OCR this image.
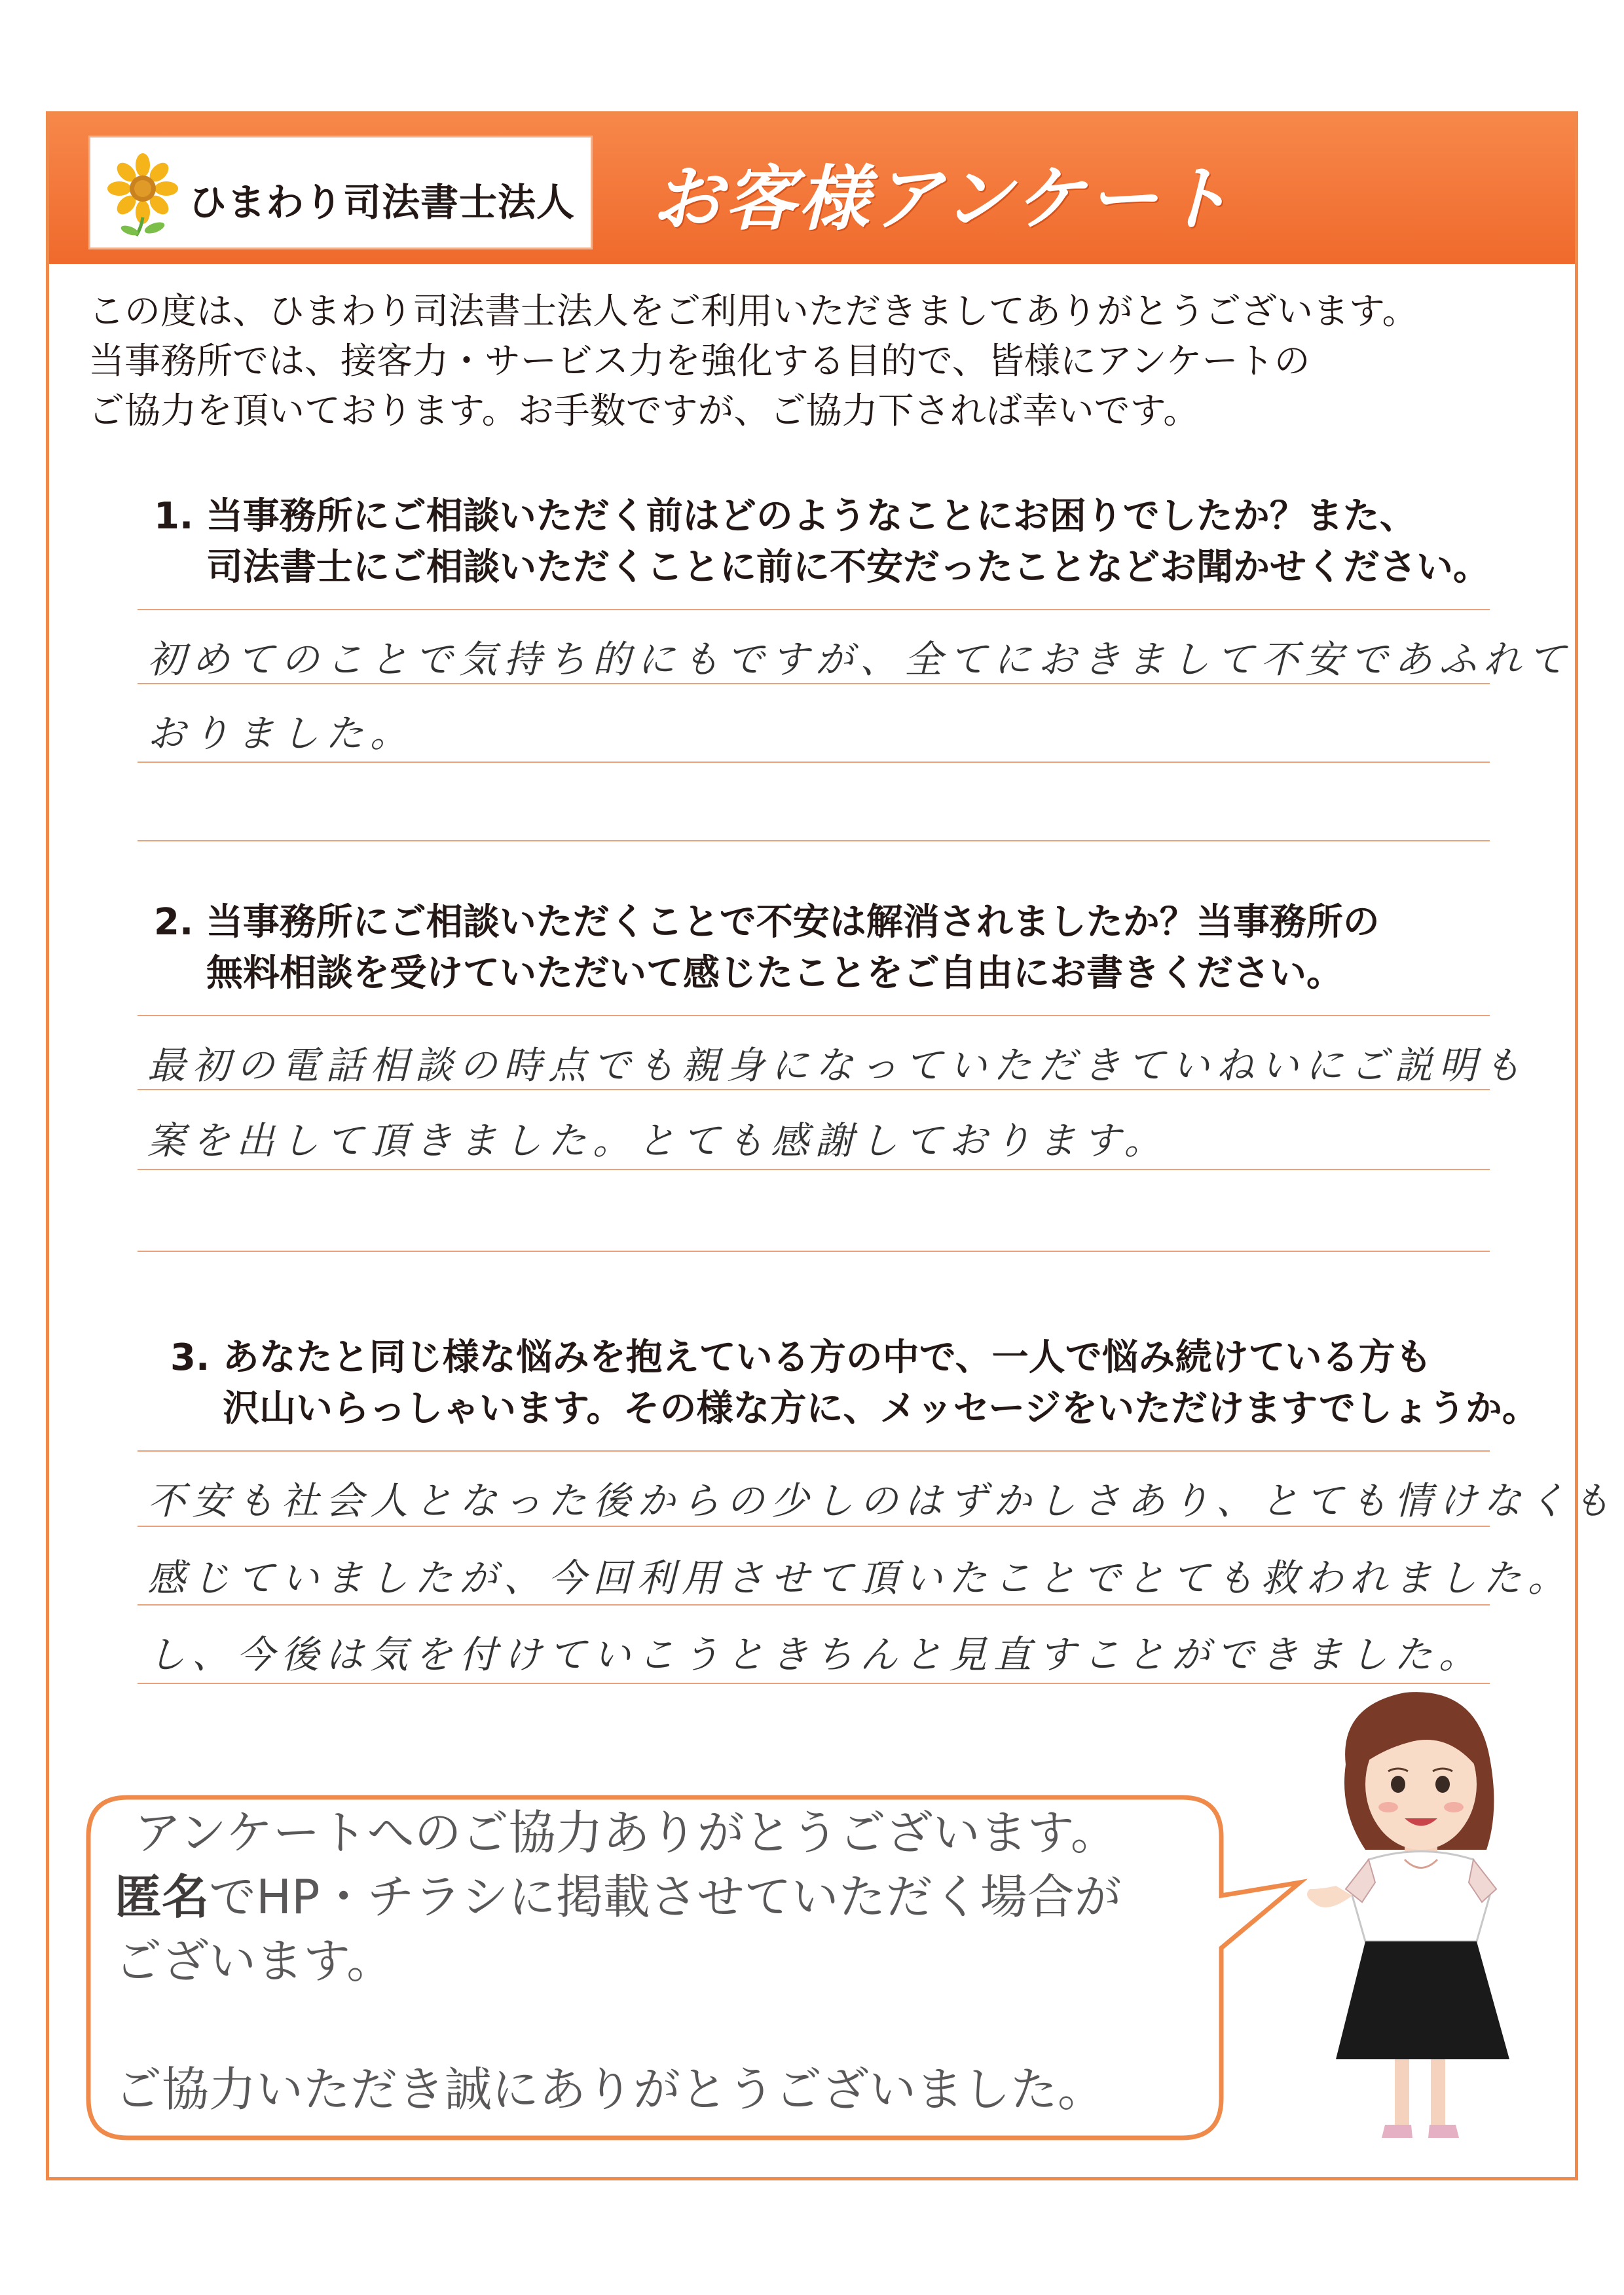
ひまわり司法書士法人 お客様アンケート
この度は、ひまわり司法書士法人をご利用いただきましてありがとうございます。
当事務所では、接客力・サービス力を強化する目的で、皆様にアンケートの
ご協力を頂いております。お手数ですが、ご協力下されば幸いです。
1. 当事務所にご相談いただく前はどのようなことにお困りでしたか？また、
司法書士にご相談いただくことに前に不安だったことなどお聞かせください。
初めてのことで気持ち的にもですが、全てにおきまして不安であふれて
おりました。
2. 当事務所にご相談いただくことで不安は解消されましたか？当事務所の
無料相談を受けていただいて感じたことをご自由にお書きください。
最初の電話相談の時点でも親身になっていただきていねいにご説明も
案を出して頂きました。とても感謝しております。
3. あなたと同じ様な悩みを抱えている方の中で、一人で悩み続けている方も
沢山いらっしゃいます。その様な方に、メッセージをいただけますでしょうか。
不安も社会人となった後からの少しのはずかしさあり、とても情けなくも
感じていましたが、今回利用させて頂いたことでとても救われました。
し、今後は気を付けていこうときちんと見直すことができました。
アンケートへのご協力ありがとうございます。
匿名でHP・チラシに掲載させていただく場合が
ございます。

ご協力いただき誠にありがとうございました。
